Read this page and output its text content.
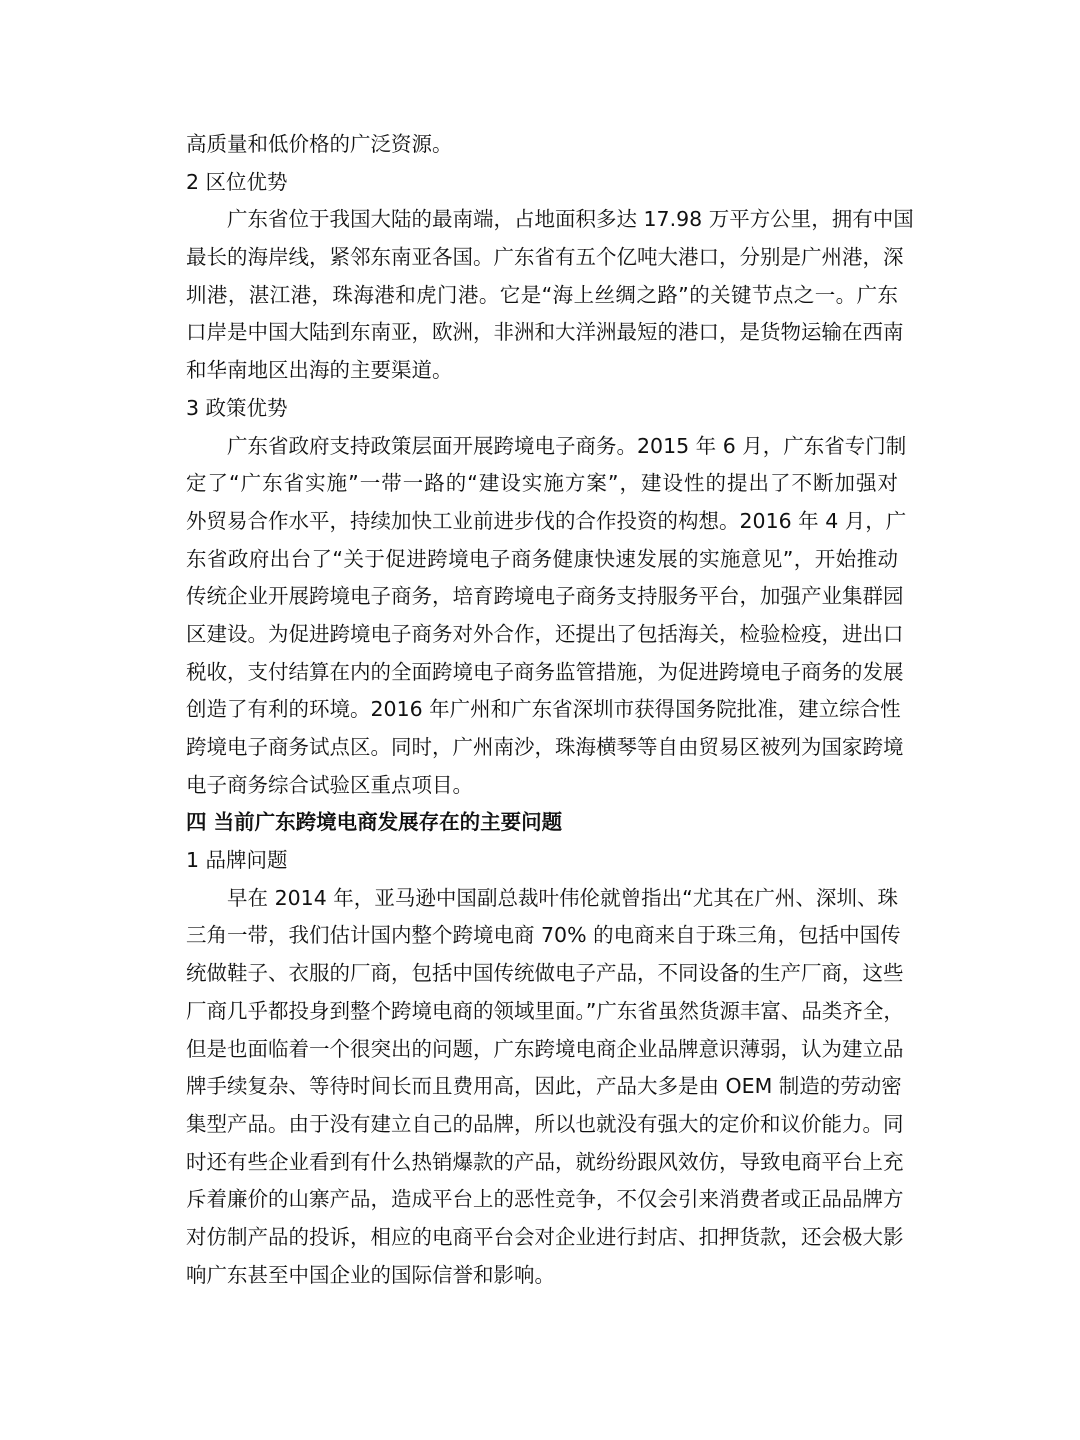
高质量和低价格的广泛资源。
2 区位优势
广东省位于我国大陆的最南端，占地面积多达 17.98 万平方公里，拥有中国
最长的海岸线，紧邻东南亚各国。广东省有五个亿吨大港口，分别是广州港，深
圳港，湛江港，珠海港和虎门港。它是“海上丝绸之路”的关键节点之一。广东
口岸是中国大陆到东南亚，欧洲，非洲和大洋洲最短的港口，是货物运输在西南
和华南地区出海的主要渠道。
3 政策优势
广东省政府支持政策层面开展跨境电子商务。2015 年 6 月，广东省专门制
定了“广东省实施”一带一路的“建设实施方案”，建设性的提出了不断加强对
外贸易合作水平，持续加快工业前进步伐的合作投资的构想。2016 年 4 月，广
东省政府出台了“关于促进跨境电子商务健康快速发展的实施意见”，开始推动
传统企业开展跨境电子商务，培育跨境电子商务支持服务平台，加强产业集群园
区建设。为促进跨境电子商务对外合作，还提出了包括海关，检验检疫，进出口
税收，支付结算在内的全面跨境电子商务监管措施，为促进跨境电子商务的发展
创造了有利的环境。2016 年广州和广东省深圳市获得国务院批准，建立综合性
跨境电子商务试点区。同时，广州南沙，珠海横琴等自由贸易区被列为国家跨境
电子商务综合试验区重点项目。
四 当前广东跨境电商发展存在的主要问题
1 品牌问题
早在 2014 年，亚马逊中国副总裁叶伟伦就曾指出“尤其在广州、深圳、珠
三角一带，我们估计国内整个跨境电商 70% 的电商来自于珠三角，包括中国传
统做鞋子、衣服的厂商，包括中国传统做电子产品，不同设备的生产厂商，这些
厂商几乎都投身到整个跨境电商的领域里面。”广东省虽然货源丰富、品类齐全，
但是也面临着一个很突出的问题，广东跨境电商企业品牌意识薄弱，认为建立品
牌手续复杂、等待时间长而且费用高，因此，产品大多是由 OEM 制造的劳动密
集型产品。由于没有建立自己的品牌，所以也就没有强大的定价和议价能力。同
时还有些企业看到有什么热销爆款的产品，就纷纷跟风效仿，导致电商平台上充
斥着廉价的山寨产品，造成平台上的恶性竞争，不仅会引来消费者或正品品牌方
对仿制产品的投诉，相应的电商平台会对企业进行封店、扣押货款，还会极大影
响广东甚至中国企业的国际信誉和影响。
